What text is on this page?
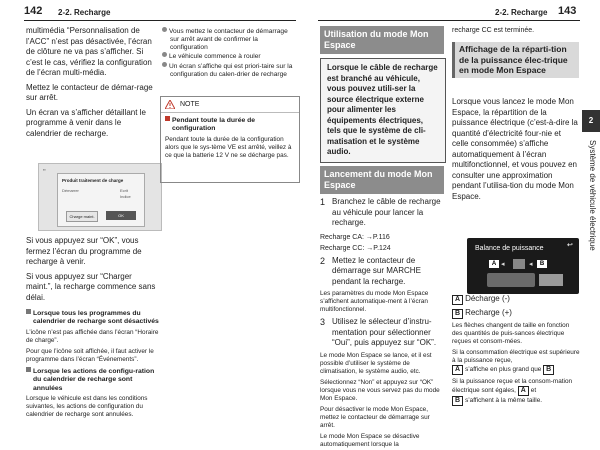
142 2-2. Recharge	2-2. Recharge 143

multimédia “Personnalisation de l’ACC” n’est pas désactivée, l’écran de clôture ne va pas s’afficher. Si c’est le cas, vérifiez la configuration de l’écran multi-média.

Mettez le contacteur de démar-rage sur arrêt.

Un écran va s’afficher détaillant le programme à venir dans le calendrier de recharge.

▪▪
Produit traitement de charge
Démarrer	Ecrit
Indice
Charge maint.	OK

Si vous appuyez sur “OK”, vous fermez l’écran du programme de recharge à venir.

Si vous appuyez sur “Charger maint.”, la recharge commence sans délai.

Lorsque tous les programmes du calendrier de recharge sont désactivés
L’icône n’est pas affichée dans l’écran “Horaire de charge”.
Pour que l’icône soit affichée, il faut activer le programme dans l’écran “Événements”.
Lorsque les actions de configu-ration du calendrier de recharge sont annulées
Lorsque le véhicule est dans les conditions suivantes, les actions de configuration du calendrier de recharge sont annulées.
Vous mettez le contacteur de démarrage sur arrêt avant de confirmer la configuration
Le véhicule commence à rouler
Un écran s’affiche qui est priori-taire sur la configuration du calen-drier de recharge
NOTE
Pendant toute la durée de configuration
Pendant toute la durée de la configuration alors que le sys-tème VE est arrêté, veillez à ce que la batterie 12 V ne se décharge pas.
Utilisation du mode Mon Espace
Lorsque le câble de recharge est branché au véhicule, vous pouvez utili-ser la source électrique externe pour alimenter les équipements électriques, tels que le système de cli-matisation et le système audio.
Lancement du mode Mon Espace
1 Branchez le câble de recharge au véhicule pour lancer la recharge.
Recharge CA: →P.116
Recharge CC: →P.124
2 Mettez le contacteur de démarrage sur MARCHE pendant la recharge.
Les paramètres du mode Mon Espace s’affichent automatique-ment à l’écran multifonctionnel.
3 Utilisez le sélecteur d’instru-mentation pour sélectionner “Oui”, puis appuyez sur “OK”.
Le mode Mon Espace se lance, et il est possible d’utiliser le système de climatisation, le système audio, etc.
Sélectionnez “Non” et appuyez sur “OK” lorsque vous ne vous servez pas du mode Mon Espace.
Pour désactiver le mode Mon Espace, mettez le contacteur de démarrage sur arrêt.
Le mode Mon Espace se désactive automatiquement lorsque la
recharge CC est terminée.
Affichage de la réparti-tion de la puissance élec-trique en mode Mon Espace

Lorsque vous lancez le mode Mon Espace, la répartition de la puissance électrique (c’est-à-dire la quantité d’électricité four-nie et celle consommée) s’affiche automatiquement à l’écran multifonctionnel, et vous pouvez en consulter une approximation pendant l’utilisa-tion du mode Mon Espace.

Balance de puissance	↩
A ◂	◂	B
A Décharge (-)
B Recharge (+)
Les flèches changent de taille en fonction des quantités de puis-sances électrique reçues et consom-mées.
Si la consommation électrique est supérieure à la puissance reçue,
A s’affiche en plus grand que B
Si la puissance reçue et la consom-mation électrique sont égales, A et
B s’affichent à la même taille.
2
Système de véhicule électrique
